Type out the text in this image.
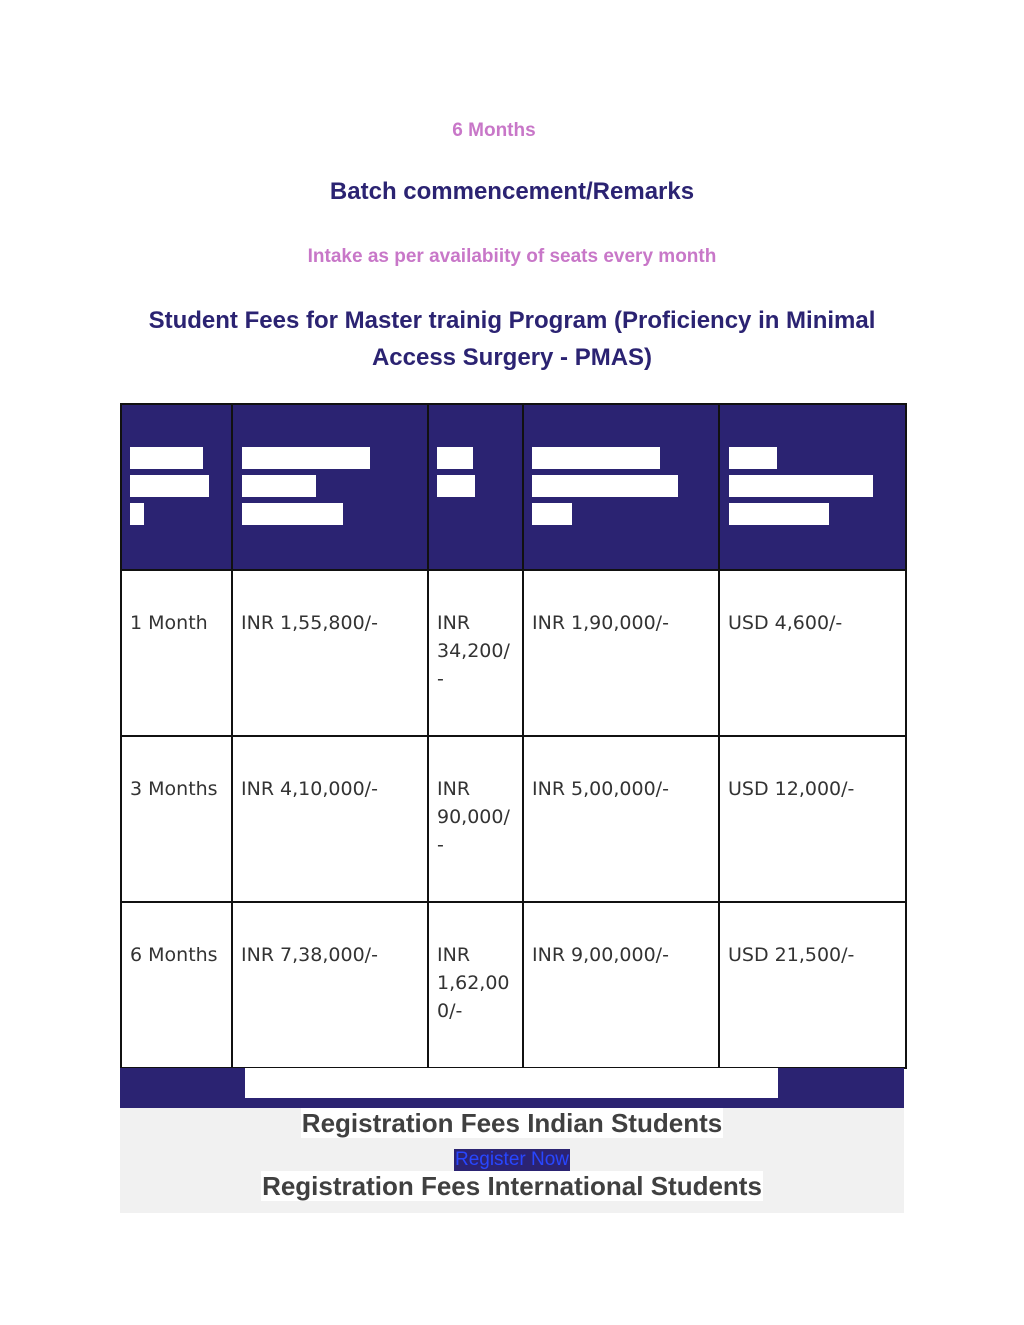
6 Months
Batch commencement/Remarks
Intake as per availabiity of seats every month
Student Fees for Master trainig Program (Proficiency in Minimal Access Surgery - PMAS)

1 Month	INR 1,55,800/-	INR 34,200/-	INR 1,90,000/-	USD 4,600/-

3 Months	INR 4,10,000/-	INR 90,000/-	INR 5,00,000/-	USD 12,000/-

6 Months	INR 7,38,000/-	INR 1,62,000/-	INR 9,00,000/-	USD 21,500/-
Registration Fees Indian Students
Register Now
Registration Fees International Students
